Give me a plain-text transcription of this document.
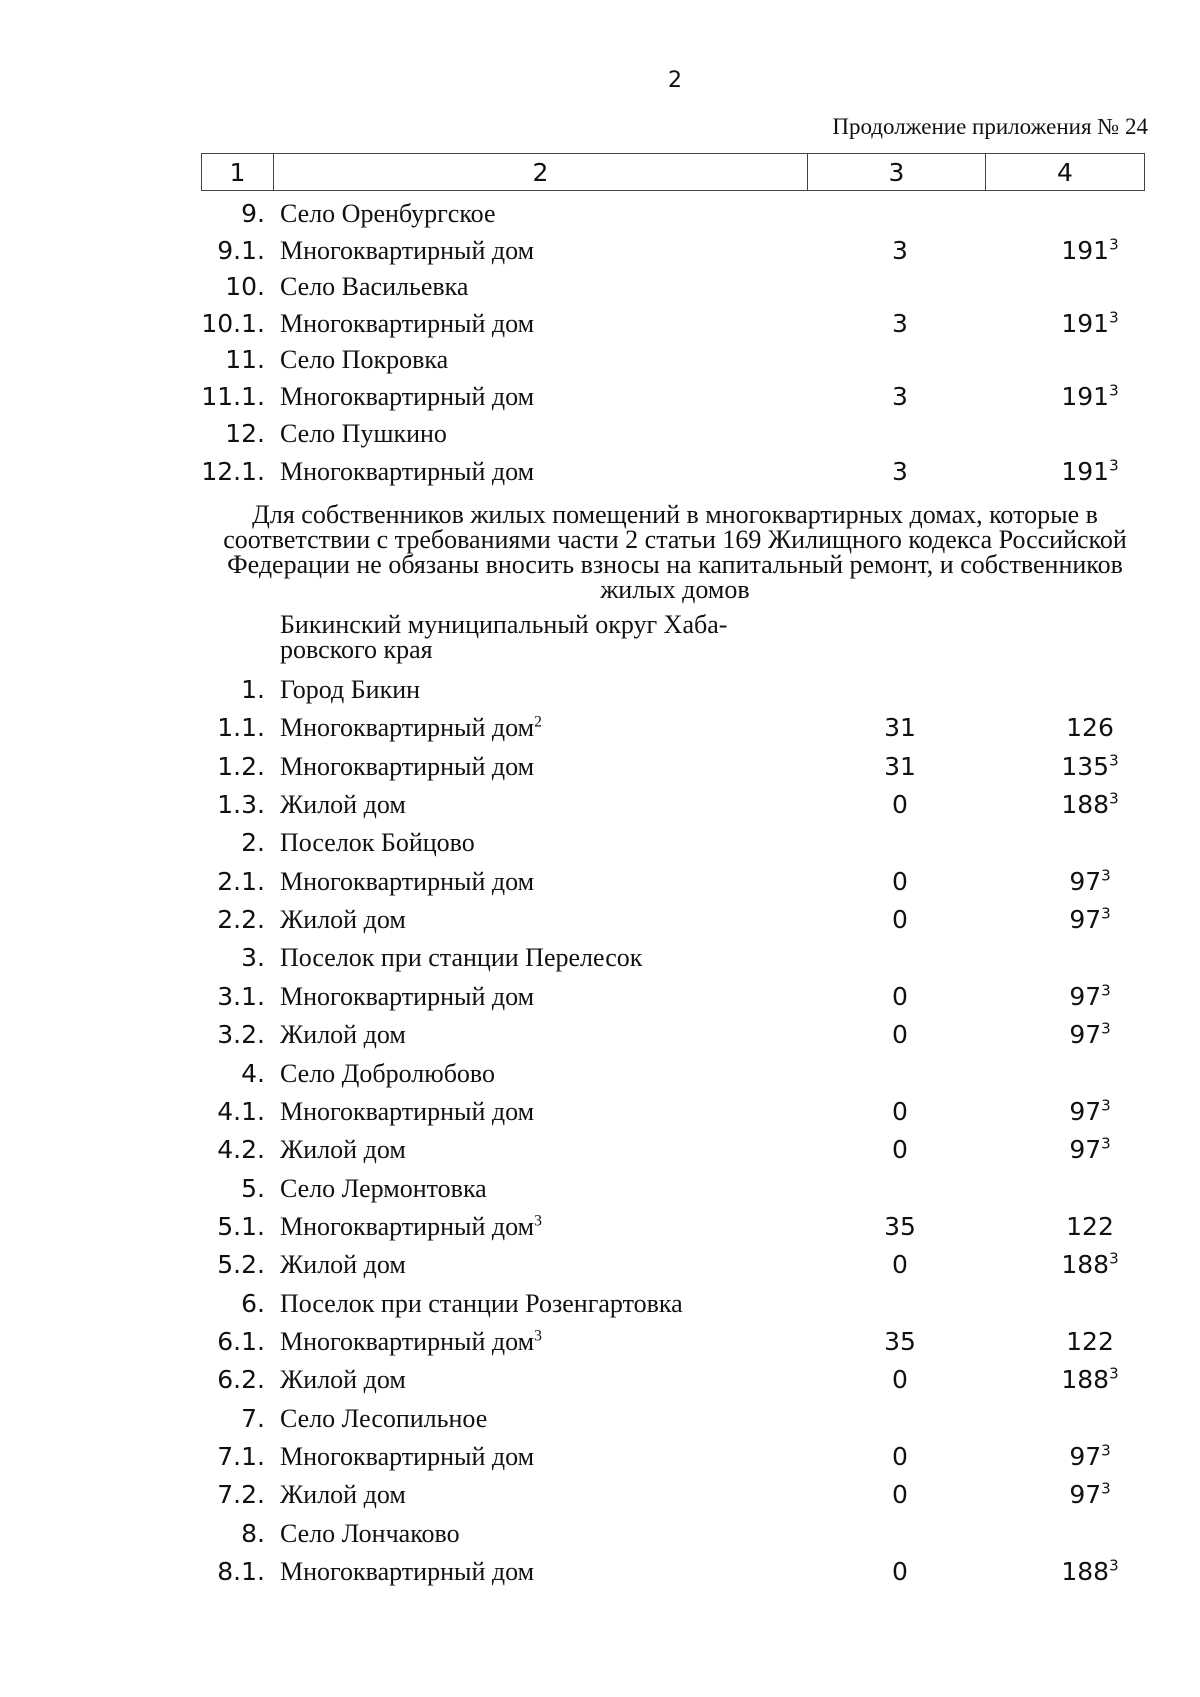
2
Продолжение приложения № 24
1	2	3	4
9. Село Оренбургское
9.1. Многоквартирный дом	3	$191^3$
10. Село Васильевка
10.1. Многоквартирный дом	3	$191^3$
11. Село Покровка
11.1. Многоквартирный дом	3	$191^3$
12. Село Пушкино
12.1. Многоквартирный дом	3	$191^3$
Для собственников жилых помещений в многоквартирных домах, которые в соответствии с требованиями части 2 статьи 169 Жилищного кодекса Российской Федерации не обязаны вносить взносы на капитальный ремонт, и собственников жилых домов
Бикинский муниципальный округ Хаба-ровского края
1. Город Бикин
1.1. Многоквартирный дом$^2$	31	126
1.2. Многоквартирный дом	31	$135^3$
1.3. Жилой дом	0	$188^3$
2. Поселок Бойцово
2.1. Многоквартирный дом	0	$97^3$
2.2. Жилой дом	0	$97^3$
3. Поселок при станции Перелесок
3.1. Многоквартирный дом	0	$97^3$
3.2. Жилой дом	0	$97^3$
4. Село Добролюбово
4.1. Многоквартирный дом	0	$97^3$
4.2. Жилой дом	0	$97^3$
5. Село Лермонтовка
5.1. Многоквартирный дом$^3$	35	122
5.2. Жилой дом	0	$188^3$
6. Поселок при станции Розенгартовка
6.1. Многоквартирный дом$^3$	35	122
6.2. Жилой дом	0	$188^3$
7. Село Лесопильное
7.1. Многоквартирный дом	0	$97^3$
7.2. Жилой дом	0	$97^3$
8. Село Лончаково
8.1. Многоквартирный дом	0	$188^3$
